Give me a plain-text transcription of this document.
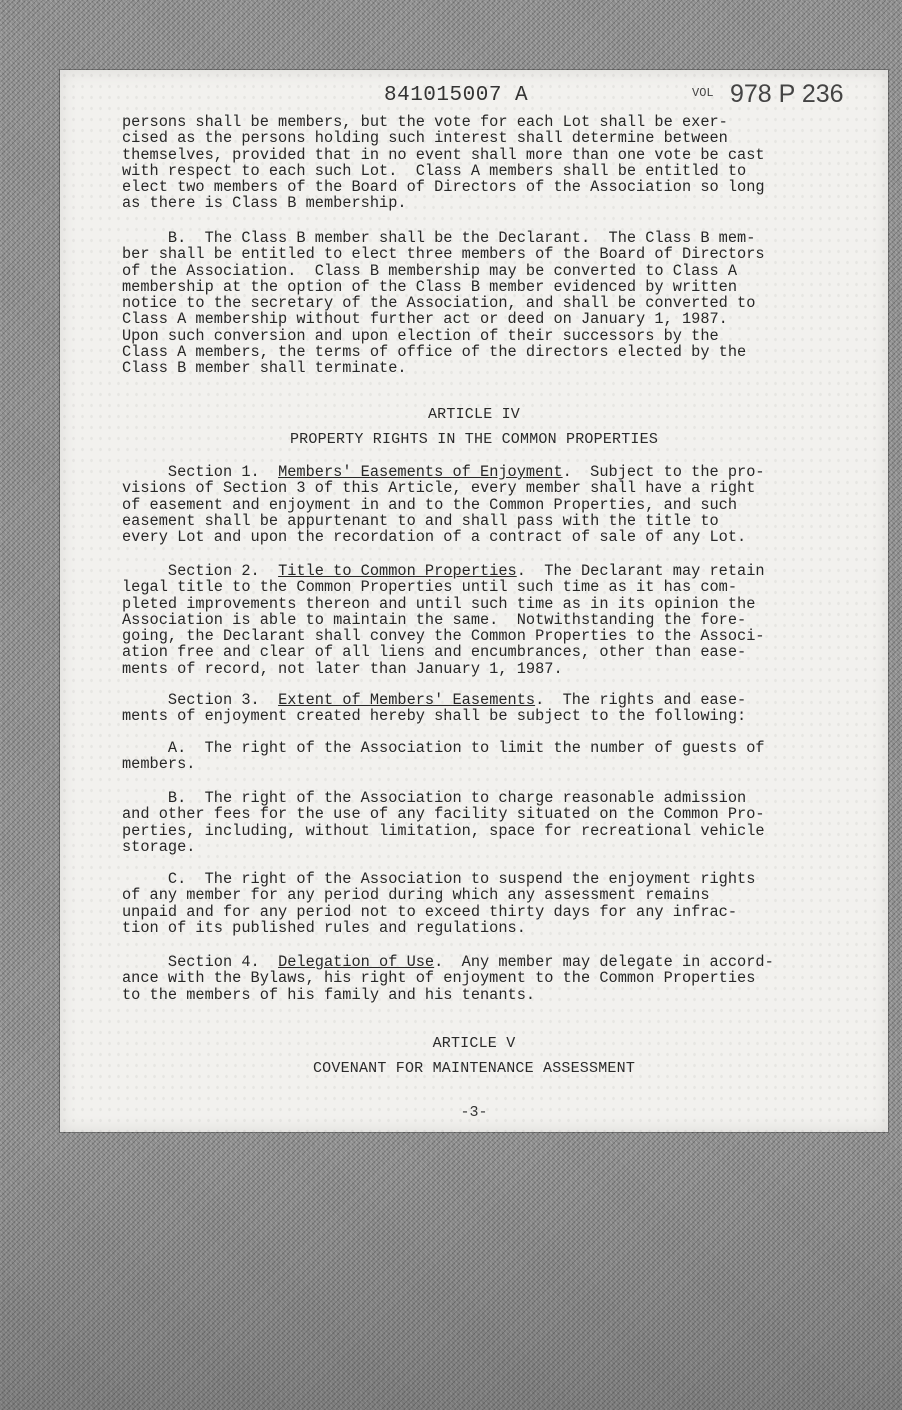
841015007 A	VOL 978 P 236

persons shall be members, but the vote for each Lot shall be exer-

cised as the persons holding such interest shall determine between

themselves, provided that in no event shall more than one vote be cast

with respect to each such Lot.  Class A members shall be entitled to

elect two members of the Board of Directors of the Association so long

as there is Class B membership.

B.  The Class B member shall be the Declarant.  The Class B mem-

ber shall be entitled to elect three members of the Board of Directors

of the Association.  Class B membership may be converted to Class A

membership at the option of the Class B member evidenced by written

notice to the secretary of the Association, and shall be converted to

Class A membership without further act or deed on January 1, 1987.

Upon such conversion and upon election of their successors by the

Class A members, the terms of office of the directors elected by the

Class B member shall terminate.

ARTICLE IV
PROPERTY RIGHTS IN THE COMMON PROPERTIES

Section 1.  Members' Easements of Enjoyment.  Subject to the pro-

visions of Section 3 of this Article, every member shall have a right

of easement and enjoyment in and to the Common Properties, and such

easement shall be appurtenant to and shall pass with the title to

every Lot and upon the recordation of a contract of sale of any Lot.

Section 2.  Title to Common Properties.  The Declarant may retain

legal title to the Common Properties until such time as it has com-

pleted improvements thereon and until such time as in its opinion the

Association is able to maintain the same.  Notwithstanding the fore-

going, the Declarant shall convey the Common Properties to the Associ-

ation free and clear of all liens and encumbrances, other than ease-

ments of record, not later than January 1, 1987.

Section 3.  Extent of Members' Easements.  The rights and ease-

ments of enjoyment created hereby shall be subject to the following:

A.  The right of the Association to limit the number of guests of

members.

B.  The right of the Association to charge reasonable admission

and other fees for the use of any facility situated on the Common Pro-

perties, including, without limitation, space for recreational vehicle

storage.

C.  The right of the Association to suspend the enjoyment rights

of any member for any period during which any assessment remains

unpaid and for any period not to exceed thirty days for any infrac-

tion of its published rules and regulations.

Section 4.  Delegation of Use.  Any member may delegate in accord-

ance with the Bylaws, his right of enjoyment to the Common Properties

to the members of his family and his tenants.

ARTICLE V
COVENANT FOR MAINTENANCE ASSESSMENT
-3-
